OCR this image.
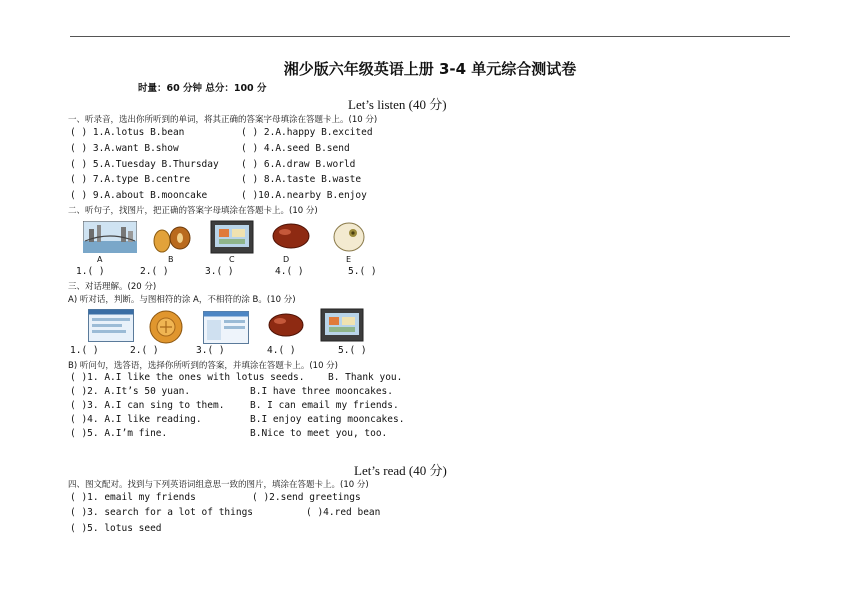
湘少版六年级英语上册 3-4 单元综合测试卷
时量：60 分钟 总分：100 分
Let’s listen (40 分)
一、听录音，选出你所听到的单词，将其正确的答案字母填涂在答题卡上。(10 分)
( ) 1.A.lotus B.bean	( ) 2.A.happy B.excited
( ) 3.A.want B.show	( ) 4.A.seed B.send
( ) 5.A.Tuesday B.Thursday ( ) 6.A.draw B.world
( ) 7.A.type B.centre	( ) 8.A.taste B.waste
( ) 9.A.about B.mooncake	( )10.A.nearby B.enjoy
二、听句子，找图片，把正确的答案字母填涂在答题卡上。(10 分)
A	B	C	D	E
1.( )	2.( )	3.( )	4.( )	5.( )
三、对话理解。(20 分)
A) 听对话，判断。与图相符的涂 A，不相符的涂 B。(10 分)
1.( )	2.( )	3.( )	4.( )	5.( )
B) 听问句，选答语，选择你所听到的答案，并填涂在答题卡上。(10 分)
( )1. A.I like the ones with lotus seeds. B. Thank you.
( )2. A.It’s 50 yuan.	B.I have three mooncakes.
( )3. A.I can sing to them.	B. I can email my friends.
( )4. A.I like reading.	B.I enjoy eating mooncakes.
( )5. A.I’m fine.	B.Nice to meet you, too.
Let’s read (40 分)
四、图文配对。找到与下列英语词组意思一致的图片，填涂在答题卡上。(10 分)
( )1. email my friends	( )2.send greetings
( )3. search for a lot of things	( )4.red bean
( )5. lotus seed
